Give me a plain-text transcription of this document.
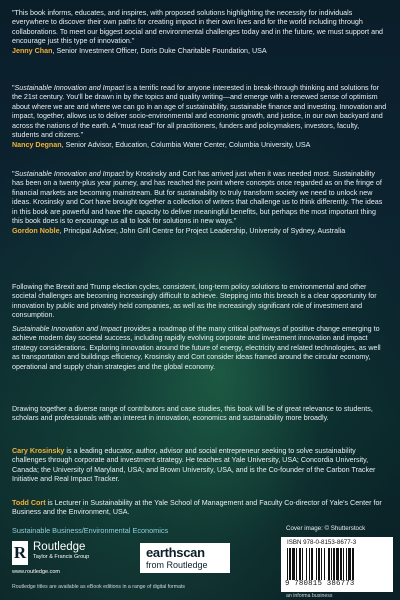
"This book informs, educates, and inspires, with proposed solutions highlighting the necessity for individuals everywhere to discover their own paths for creating impact in their own lives and for the world including through collaborations. To meet our biggest social and environmental challenges today and in the future, we must support and encourage just this type of innovation."

Jenny Chan, Senior Investment Officer, Doris Duke Charitable Foundation, USA

"Sustainable Innovation and Impact is a terrific read for anyone interested in break-through thinking and solutions for the 21st century. You'll be drawn in by the topics and quality writing—and emerge with a renewed sense of optimism about where we are and where we can go in an age of sustainability, sustainable finance and investing. Innovation and impact, together, allows us to deliver socio-environmental and economic growth, and justice, in our own backyard and across the nations of the earth. A "must read" for all practitioners, funders and policymakers, investors, faculty, students and citizens."

Nancy Degnan, Senior Advisor, Education, Columbia Water Center, Columbia University, USA

"Sustainable Innovation and Impact by Krosinsky and Cort has arrived just when it was needed most. Sustainability has been on a twenty-plus year journey, and has reached the point where concepts once regarded as on the fringe of financial markets are becoming mainstream. But for sustainability to truly transform society we need to unlock new ideas. Krosinsky and Cort have brought together a collection of writers that challenge us to think differently. The ideas in this book are powerful and have the capacity to deliver meaningful benefits, but perhaps the most important thing this book does is to encourage us all to look for solutions in new ways."

Gordon Noble, Principal Adviser, John Grill Centre for Project Leadership, University of Sydney, Australia

Following the Brexit and Trump election cycles, consistent, long-term policy solutions to environmental and other societal challenges are becoming increasingly difficult to achieve. Stepping into this breach is a clear opportunity for innovation by public and privately held companies, as well as the increasingly significant role of investment and consumption.

Sustainable Innovation and Impact provides a roadmap of the many critical pathways of positive change emerging to achieve modern day societal success, including rapidly evolving corporate and investment innovation and impact strategy considerations. Exploring innovation around the future of energy, electricity and related technologies, as well as transportation and buildings efficiency, Krosinsky and Cort consider ideas framed around the circular economy, operational and supply chain strategies and the global economy.

Drawing together a diverse range of contributors and case studies, this book will be of great relevance to students, scholars and professionals with an interest in innovation, economics and sustainability more broadly.

Cary Krosinsky is a leading educator, author, advisor and social entrepreneur seeking to solve sustainability challenges through corporate and investment strategy. He teaches at Yale University, USA; Concordia University, Canada; the University of Maryland, USA; and Brown University, USA, and is the Co-founder of the Carbon Tracker Initiative and Real Impact Tracker.

Todd Cort is Lecturer in Sustainability at the Yale School of Management and Faculty Co-director of Yale's Center for Business and the Environment, USA.

Sustainable Business/Environmental Economics	Cover image: © Shutterstock
R Routledge
Taylor & Francis Group
www.routledge.com
earthscan
from Routledge
ISBN 978-0-8153-8677-3
9 780815 386773
Routledge titles are available as eBook editions in a range of digital formats
an informa business
